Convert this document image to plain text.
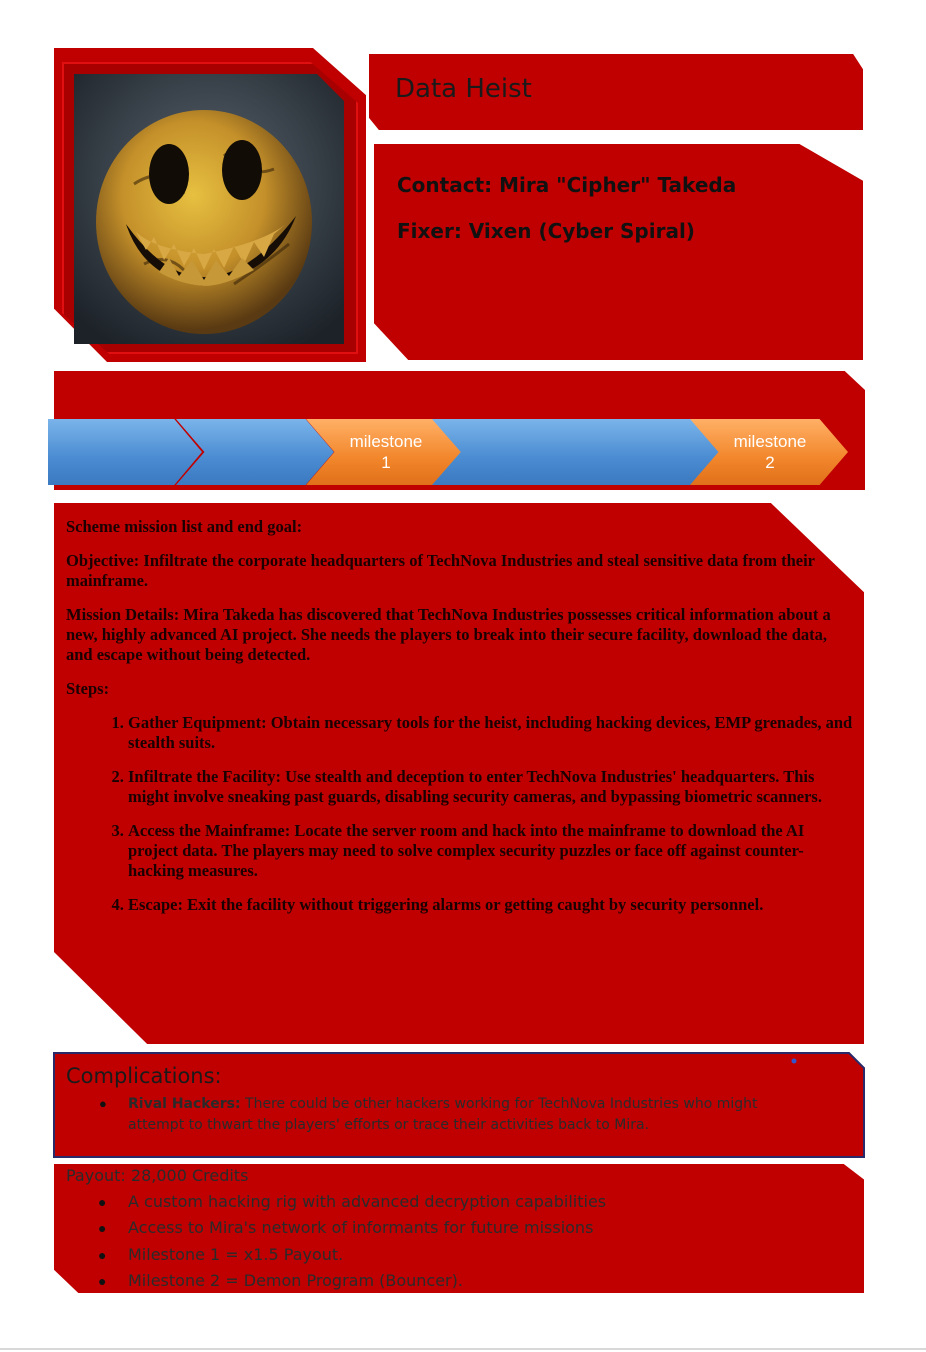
Data Heist
Contact: Mira "Cipher" Takeda
Fixer: Vixen (Cyber Spiral)
milestone
1
milestone
2

Scheme mission list and end goal:

Objective: Infiltrate the corporate headquarters of TechNova Industries and steal sensitive data from their mainframe.

Mission Details: Mira Takeda has discovered that TechNova Industries possesses critical information about a new, highly advanced AI project. She needs the players to break into their secure facility, download the data, and escape without being detected.

Steps:

1. Gather Equipment: Obtain necessary tools for the heist, including hacking devices, EMP grenades, and stealth suits.
2. Infiltrate the Facility: Use stealth and deception to enter TechNova Industries' headquarters. This might involve sneaking past guards, disabling security cameras, and bypassing biometric scanners.
3. Access the Mainframe: Locate the server room and hack into the mainframe to download the AI project data. The players may need to solve complex security puzzles or face off against counter-hacking measures.
4. Escape: Exit the facility without triggering alarms or getting caught by security personnel.
Complications:
● Rival Hackers: There could be other hackers working for TechNova Industries who might attempt to thwart the players' efforts or trace their activities back to Mira.
Payout: 28,000 Credits
● A custom hacking rig with advanced decryption capabilities
● Access to Mira's network of informants for future missions
● Milestone 1 = x1.5 Payout.
● Milestone 2 = Demon Program (Bouncer).
